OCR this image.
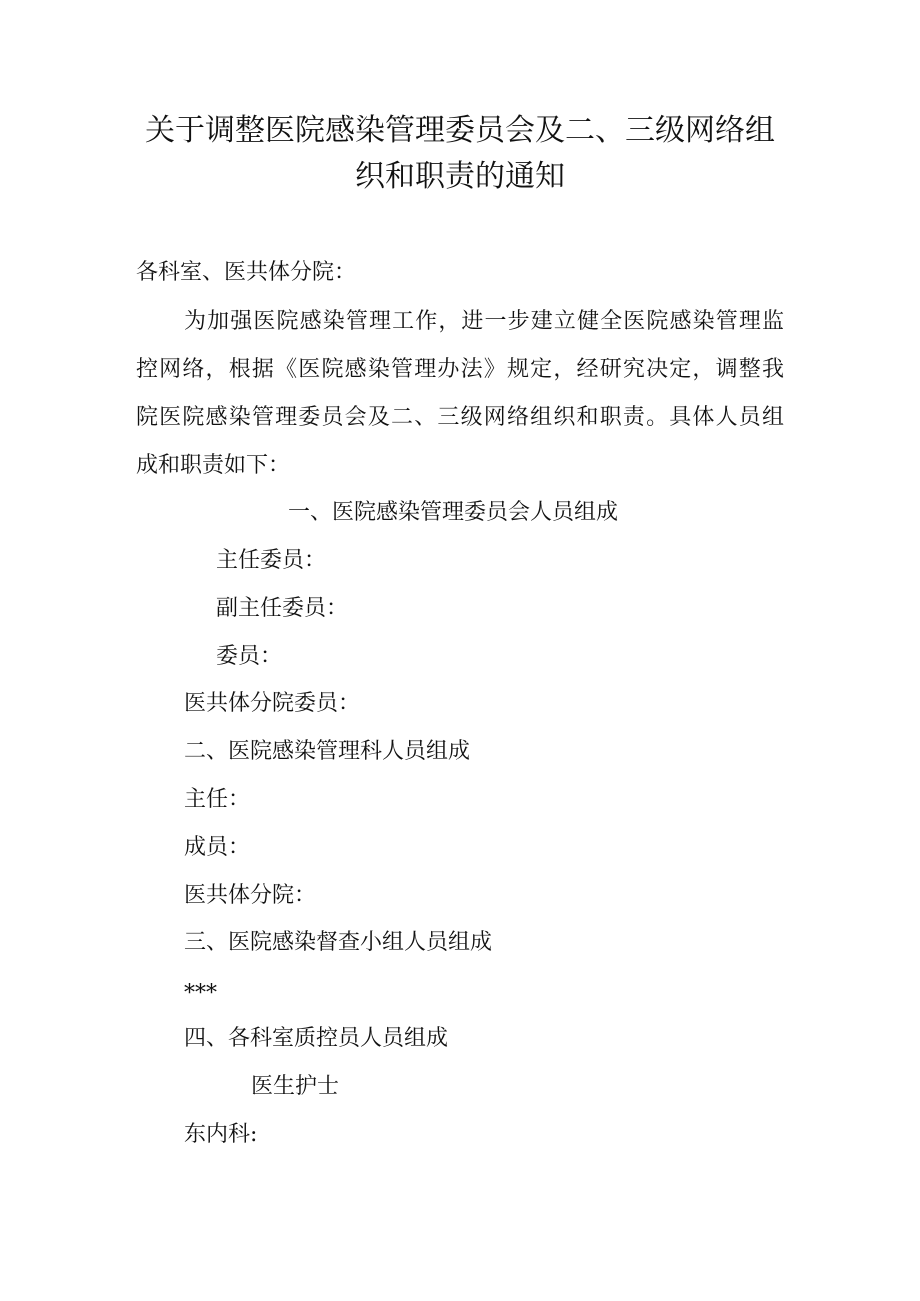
关于调整医院感染管理委员会及二、三级网络组
织和职责的通知
各科室、医共体分院：
为加强医院感染管理工作，进一步建立健全医院感染管理监
控网络，根据《医院感染管理办法》规定，经研究决定，调整我
院医院感染管理委员会及二、三级网络组织和职责。具体人员组
成和职责如下：
一、医院感染管理委员会人员组成
主任委员：
副主任委员：
委员：
医共体分院委员：
二、医院感染管理科人员组成
主任：
成员：
医共体分院：
三、医院感染督查小组人员组成
***
四、各科室质控员人员组成
医生护士
东内科:
